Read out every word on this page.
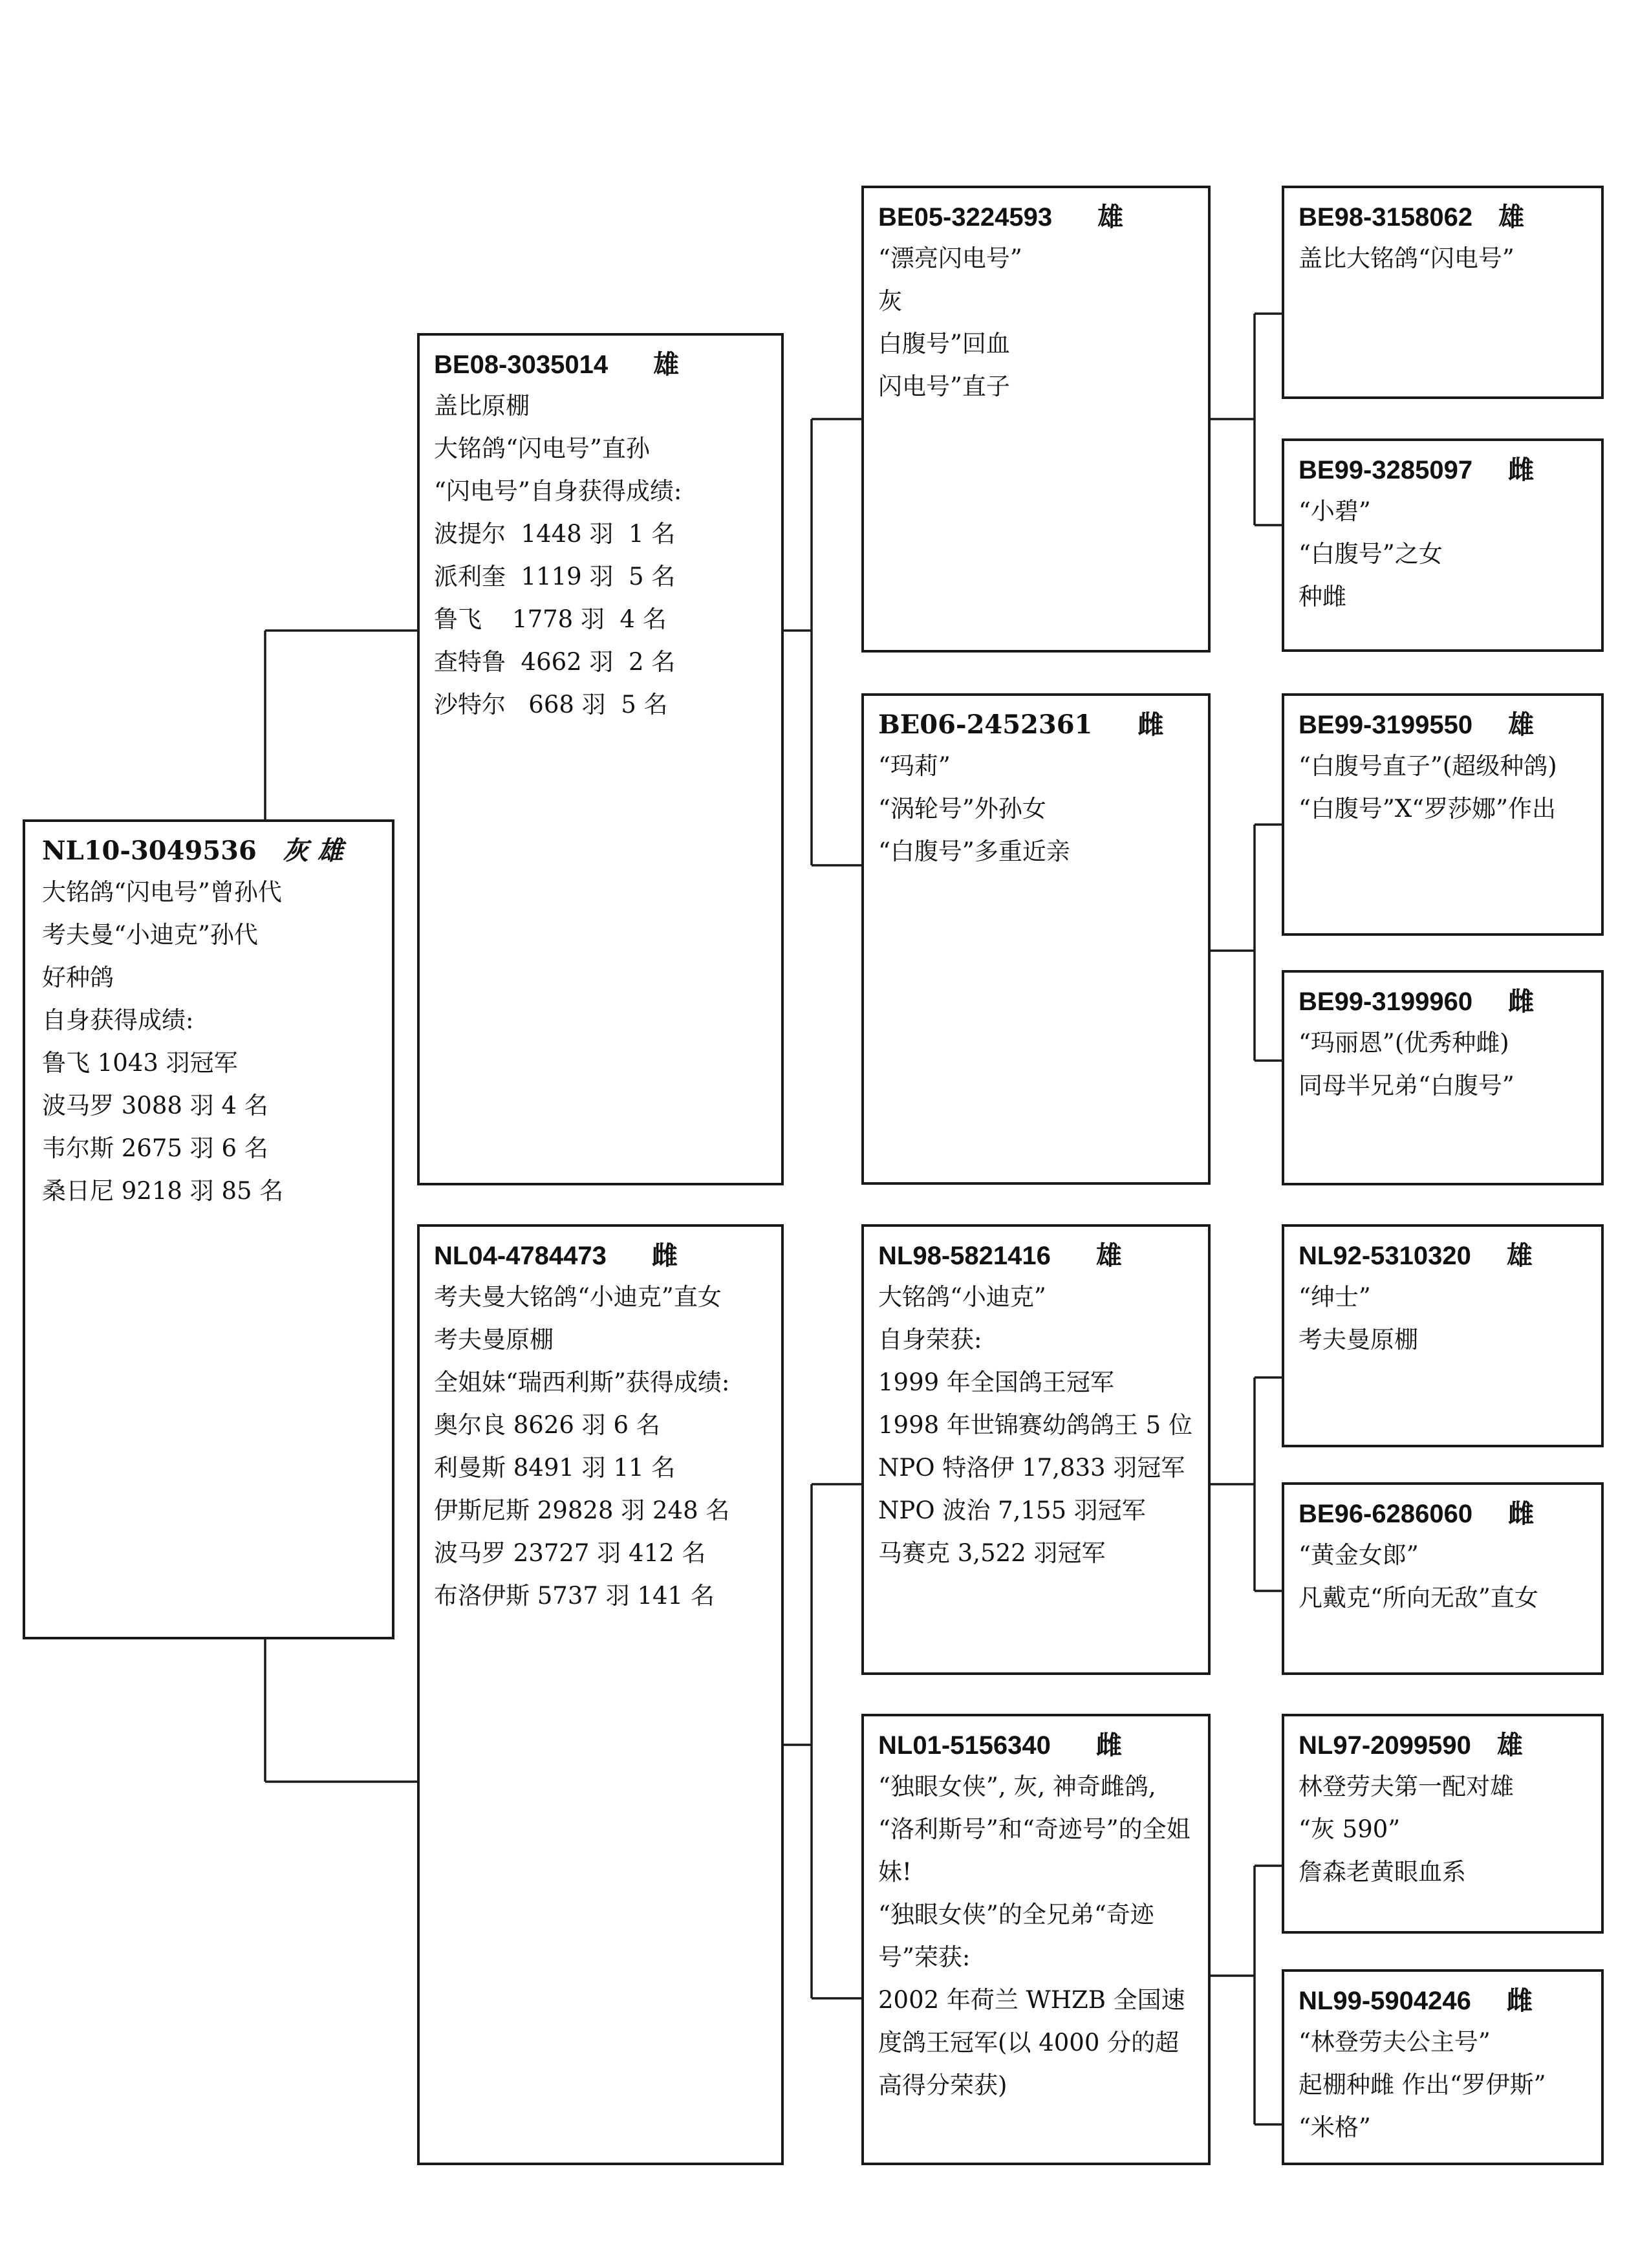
NL10-3049536 灰 雄
大铭鸽“闪电号”曾孙代
考夫曼“小迪克”孙代
好种鸽
自身获得成绩:
鲁飞 1043 羽冠军
波马罗 3088 羽 4 名
韦尔斯 2675 羽 6 名
桑日尼 9218 羽 85 名
BE08-3035014 雄
盖比原棚
大铭鸽“闪电号”直孙
“闪电号”自身获得成绩:
波提尔  1448 羽  1 名
派利奎  1119 羽  5 名
鲁飞    1778 羽  4 名
查特鲁  4662 羽  2 名
沙特尔   668 羽  5 名
NL04-4784473 雌
考夫曼大铭鸽“小迪克”直女
考夫曼原棚
全姐妹“瑞西利斯”获得成绩:
奥尔良 8626 羽 6 名
利曼斯 8491 羽 11 名
伊斯尼斯 29828 羽 248 名
波马罗 23727 羽 412 名
布洛伊斯 5737 羽 141 名
BE05-3224593 雄
“漂亮闪电号”
灰
白腹号”回血
闪电号”直子
BE06-2452361 雌
“玛莉”
“涡轮号”外孙女
“白腹号”多重近亲
NL98-5821416 雄
大铭鸽“小迪克”
自身荣获:
1999 年全国鸽王冠军
1998 年世锦赛幼鸽鸽王 5 位
NPO 特洛伊 17,833 羽冠军
NPO 波治 7,155 羽冠军
马赛克 3,522 羽冠军
NL01-5156340 雌
“独眼女侠”, 灰, 神奇雌鸽, “洛利斯号”和“奇迹号”的全姐妹!
“独眼女侠”的全兄弟“奇迹号”荣获:
2002 年荷兰 WHZB 全国速度鸽王冠军(以 4000 分的超高得分荣获)
BE98-3158062 雄
盖比大铭鸽“闪电号”
BE99-3285097 雌
“小碧”
“白腹号”之女
种雌
BE99-3199550 雄
“白腹号直子”(超级种鸽)
“白腹号”X“罗莎娜”作出
BE99-3199960 雌
“玛丽恩”(优秀种雌)
同母半兄弟“白腹号”
NL92-5310320 雄
“绅士”
考夫曼原棚
BE96-6286060 雌
“黄金女郎”
凡戴克“所向无敌”直女
NL97-2099590 雄
林登劳夫第一配对雄
“灰 590”
詹森老黄眼血系
NL99-5904246 雌
“林登劳夫公主号”
起棚种雌 作出“罗伊斯” “米格”
